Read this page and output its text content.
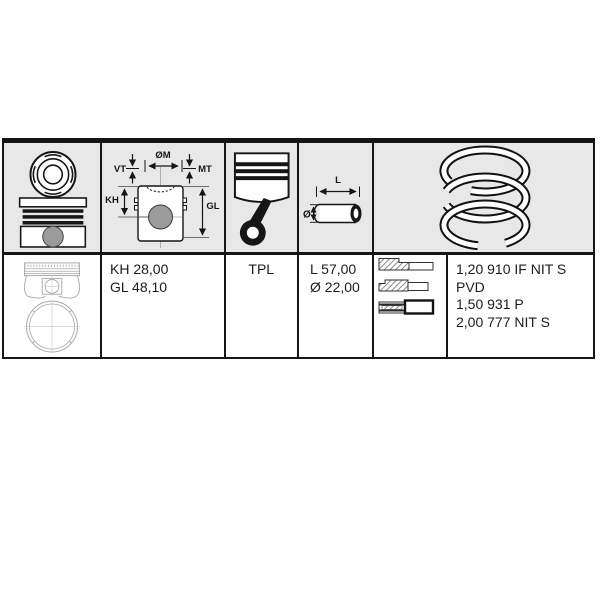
ØM
VT	MT
KH
GL
L
Ø
KH 28,00
GL 48,10
TPL	L 57,00
Ø 22,00
1,20 910 IF NIT S
PVD
1,50 931 P
2,00 777 NIT S
